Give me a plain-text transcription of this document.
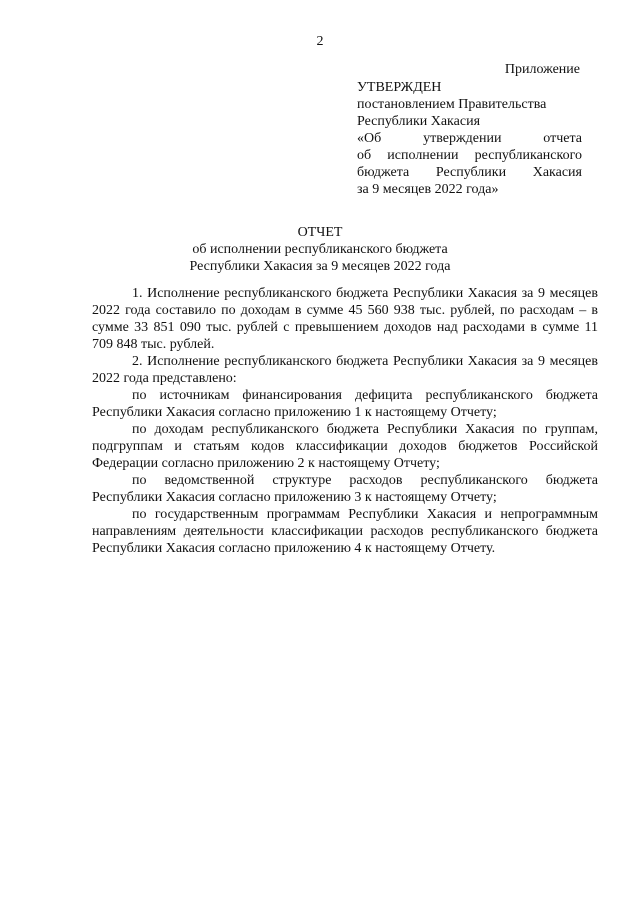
2
Приложение
УТВЕРЖДЕН
постановлением Правительства
Республики Хакасия
«Об утверждении отчета
об исполнении республиканского
бюджета Республики Хакасия
за 9 месяцев 2022 года»
ОТЧЕТ
об исполнении республиканского бюджета
Республики Хакасия за 9 месяцев 2022 года

1. Исполнение республиканского бюджета Республики Хакасия за 9 месяцев 2022 года составило по доходам в сумме 45 560 938 тыс. рублей, по расходам – в сумме 33 851 090 тыс. рублей с превышением доходов над расходами в сумме 11 709 848 тыс. рублей.

2. Исполнение республиканского бюджета Республики Хакасия за 9 месяцев 2022 года представлено:

по источникам финансирования дефицита республиканского бюджета Республики Хакасия согласно приложению 1 к настоящему Отчету;

по доходам республиканского бюджета Республики Хакасия по группам, подгруппам и статьям кодов классификации доходов бюджетов Российской Федерации согласно приложению 2 к настоящему Отчету;

по ведомственной структуре расходов республиканского бюджета Республики Хакасия согласно приложению 3 к настоящему Отчету;

по государственным программам Республики Хакасия и непрограммным направлениям деятельности классификации расходов республиканского бюджета Республики Хакасия согласно приложению 4 к настоящему Отчету.
